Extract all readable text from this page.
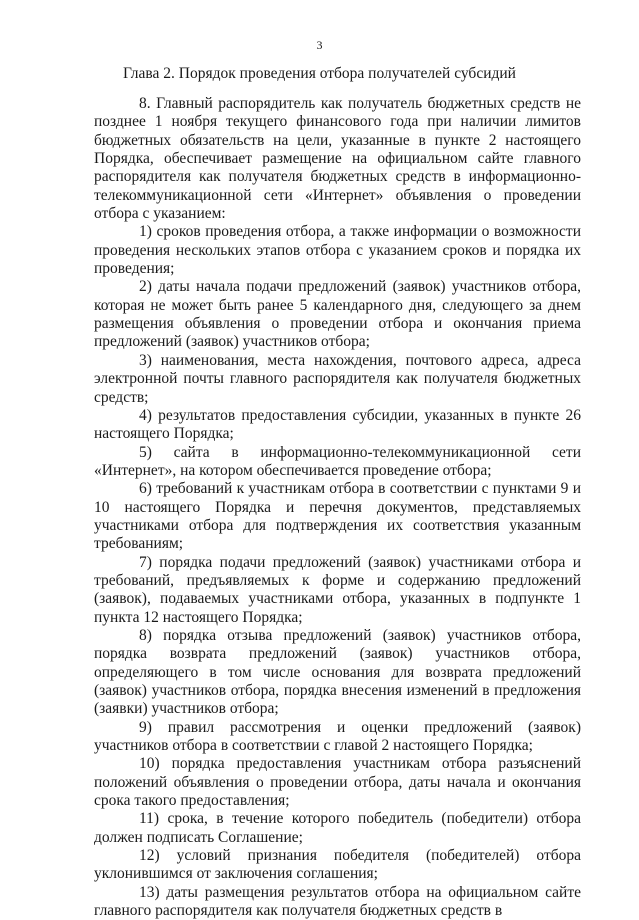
3
Глава 2. Порядок проведения отбора получателей субсидий

8. Главный распорядитель как получатель бюджетных средств не позднее 1 ноября текущего финансового года при наличии лимитов бюджетных обязательств на цели, указанные в пункте 2 настоящего Порядка, обеспечивает размещение на официальном сайте главного распорядителя как получателя бюджетных средств в информационно-телекоммуникационной сети «Интернет» объявления о проведении отбора с указанием:

1) сроков проведения отбора, а также информации о возможности проведения нескольких этапов отбора с указанием сроков и порядка их проведения;

2) даты начала подачи предложений (заявок) участников отбора, которая не может быть ранее 5 календарного дня, следующего за днем размещения объявления о проведении отбора и окончания приема предложений (заявок) участников отбора;

3) наименования, места нахождения, почтового адреса, адреса электронной почты главного распорядителя как получателя бюджетных средств;

4) результатов предоставления субсидии, указанных в пункте 26 настоящего Порядка;

5) сайта в информационно-телекоммуникационной сети «Интернет», на котором обеспечивается проведение отбора;

6) требований к участникам отбора в соответствии с пунктами 9 и 10 настоящего Порядка и перечня документов, представляемых участниками отбора для подтверждения их соответствия указанным требованиям;

7) порядка подачи предложений (заявок) участниками отбора и требований, предъявляемых к форме и содержанию предложений (заявок), подаваемых участниками отбора, указанных в подпункте 1 пункта 12 настоящего Порядка;

8) порядка отзыва предложений (заявок) участников отбора, порядка возврата предложений (заявок) участников отбора, определяющего в том числе основания для возврата предложений (заявок) участников отбора, порядка внесения изменений в предложения (заявки) участников отбора;

9) правил рассмотрения и оценки предложений (заявок) участников отбора в соответствии с главой 2 настоящего Порядка;

10) порядка предоставления участникам отбора разъяснений положений объявления о проведении отбора, даты начала и окончания срока такого предоставления;

11) срока, в течение которого победитель (победители) отбора должен подписать Соглашение;

12) условий признания победителя (победителей) отбора уклонившимся от заключения соглашения;

13) даты размещения результатов отбора на официальном сайте главного распорядителя как получателя бюджетных средств в
